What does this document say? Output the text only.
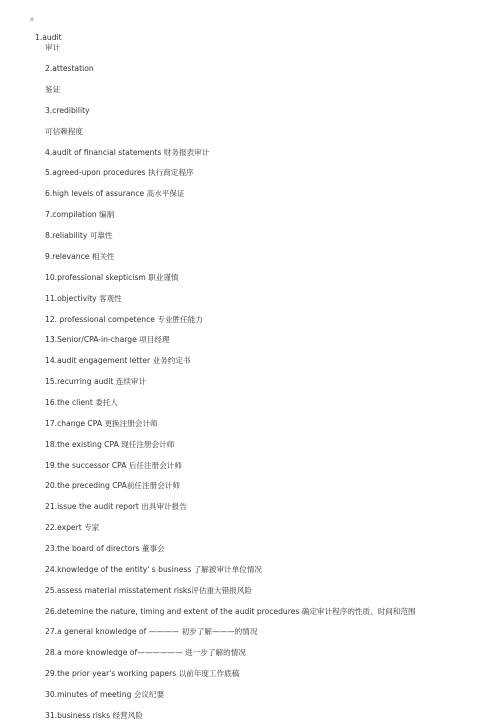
¤
1.audit
审计
2.attestation
鉴证
3.credibility
可信赖程度
4.audit of financial statements 财务报表审计
5.agreed-upon procedures 执行商定程序
6.high levels of assurance 高水平保证
7.compilation 编制
8.reliability 可靠性
9.relevance 相关性
10.professional skepticism 职业谨慎
11.objectivity 客观性
12. professional competence 专业胜任能力
13.Senior/CPA-in-charge 项目经理
14.audit engagement letter 业务约定书
15.recurring audit 连续审计
16.the client 委托人
17.change CPA 更换注册会计师
18.the existing CPA 现任注册会计师
19.the successor CPA 后任注册会计师
20.the preceding CPA前任注册会计师
21.issue the audit report 出具审计报告
22.expert 专家
23.the board of directors 董事会
24.knowledge of the entity' s business 了解被审计单位情况
25.assess material misstatement risks评估重大错报风险
26.detemine the nature, timing and extent of the audit procedures 确定审计程序的性质、时间和范围
27.a general knowledge of ———— 初步了解———的情况
28.a more knowledge of—————— 进一步了解的情况
29.the prior year's working papers 以前年度工作底稿
30.minutes of meeting 会议纪要
31.business risks 经营风险
